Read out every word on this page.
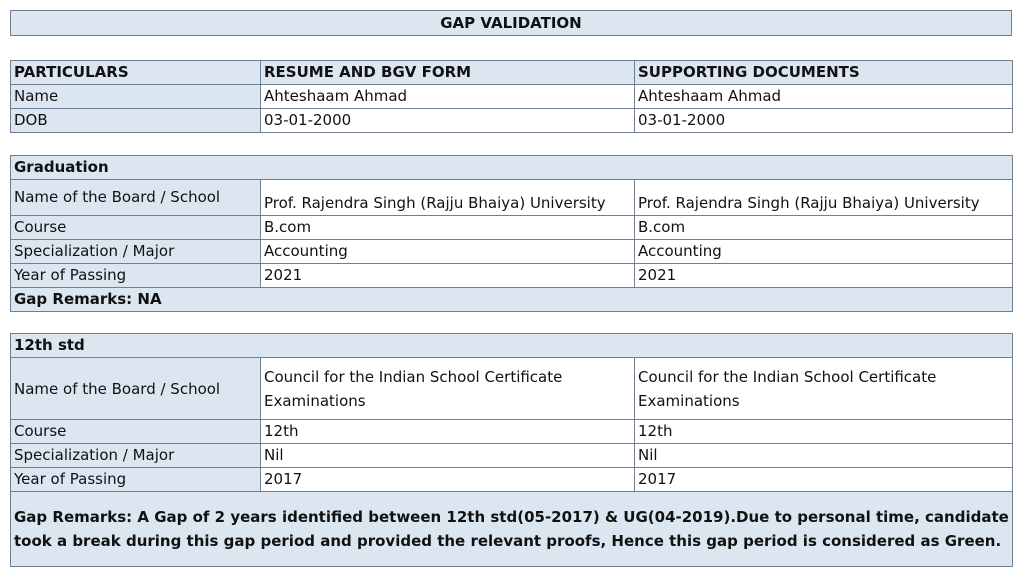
GAP VALIDATION
PARTICULARS	RESUME AND BGV FORM	SUPPORTING DOCUMENTS
Name	Ahteshaam Ahmad	Ahteshaam Ahmad
DOB	03-01-2000	03-01-2000
Graduation		
Name of the Board / School	Prof. Rajendra Singh (Rajju Bhaiya) University	Prof. Rajendra Singh (Rajju Bhaiya) University
Course	B.com	B.com
Specialization / Major	Accounting	Accounting
Year of Passing	2021	2021
Gap Remarks: NA		
12th std		
Name of the Board / School	Council for the Indian School Certificate Examinations	Council for the Indian School Certificate Examinations
Course	12th	12th
Specialization / Major	Nil	Nil
Year of Passing	2017	2017
Gap Remarks: A Gap of 2 years identified between 12th std(05-2017) & UG(04-2019).Due to personal time, candidate took a break during this gap period and provided the relevant proofs, Hence this gap period is considered as Green.		
